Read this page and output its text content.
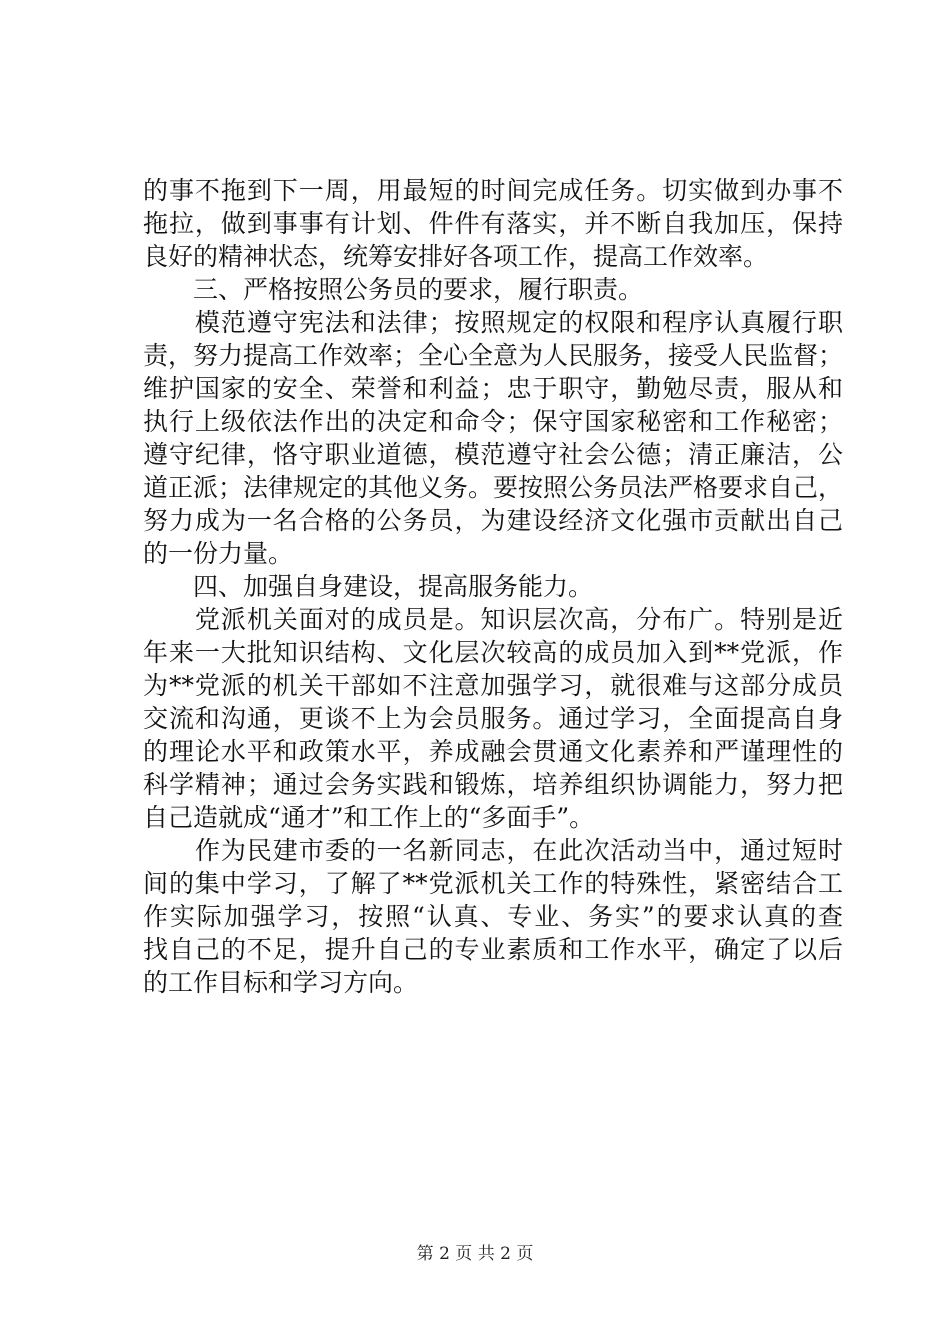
的事不拖到下一周，用最短的时间完成任务。切实做到办事不
拖拉，做到事事有计划、件件有落实，并不断自我加压，保持
良好的精神状态，统筹安排好各项工作，提高工作效率。
　　三、严格按照公务员的要求，履行职责。
　　模范遵守宪法和法律；按照规定的权限和程序认真履行职
责，努力提高工作效率；全心全意为人民服务，接受人民监督；
维护国家的安全、荣誉和利益；忠于职守，勤勉尽责，服从和
执行上级依法作出的决定和命令；保守国家秘密和工作秘密；
遵守纪律，恪守职业道德，模范遵守社会公德；清正廉洁，公
道正派；法律规定的其他义务。要按照公务员法严格要求自己，
努力成为一名合格的公务员，为建设经济文化强市贡献出自己
的一份力量。
　　四、加强自身建设，提高服务能力。
　　党派机关面对的成员是。知识层次高，分布广。特别是近
年来一大批知识结构、文化层次较高的成员加入到**党派，作
为**党派的机关干部如不注意加强学习，就很难与这部分成员
交流和沟通，更谈不上为会员服务。通过学习，全面提高自身
的理论水平和政策水平，养成融会贯通文化素养和严谨理性的
科学精神；通过会务实践和锻炼，培养组织协调能力，努力把
自己造就成“通才”和工作上的“多面手”。
　　作为民建市委的一名新同志，在此次活动当中，通过短时
间的集中学习，了解了**党派机关工作的特殊性，紧密结合工
作实际加强学习，按照“认真、专业、务实”的要求认真的查
找自己的不足，提升自己的专业素质和工作水平，确定了以后
的工作目标和学习方向。
第 2 页 共 2 页
